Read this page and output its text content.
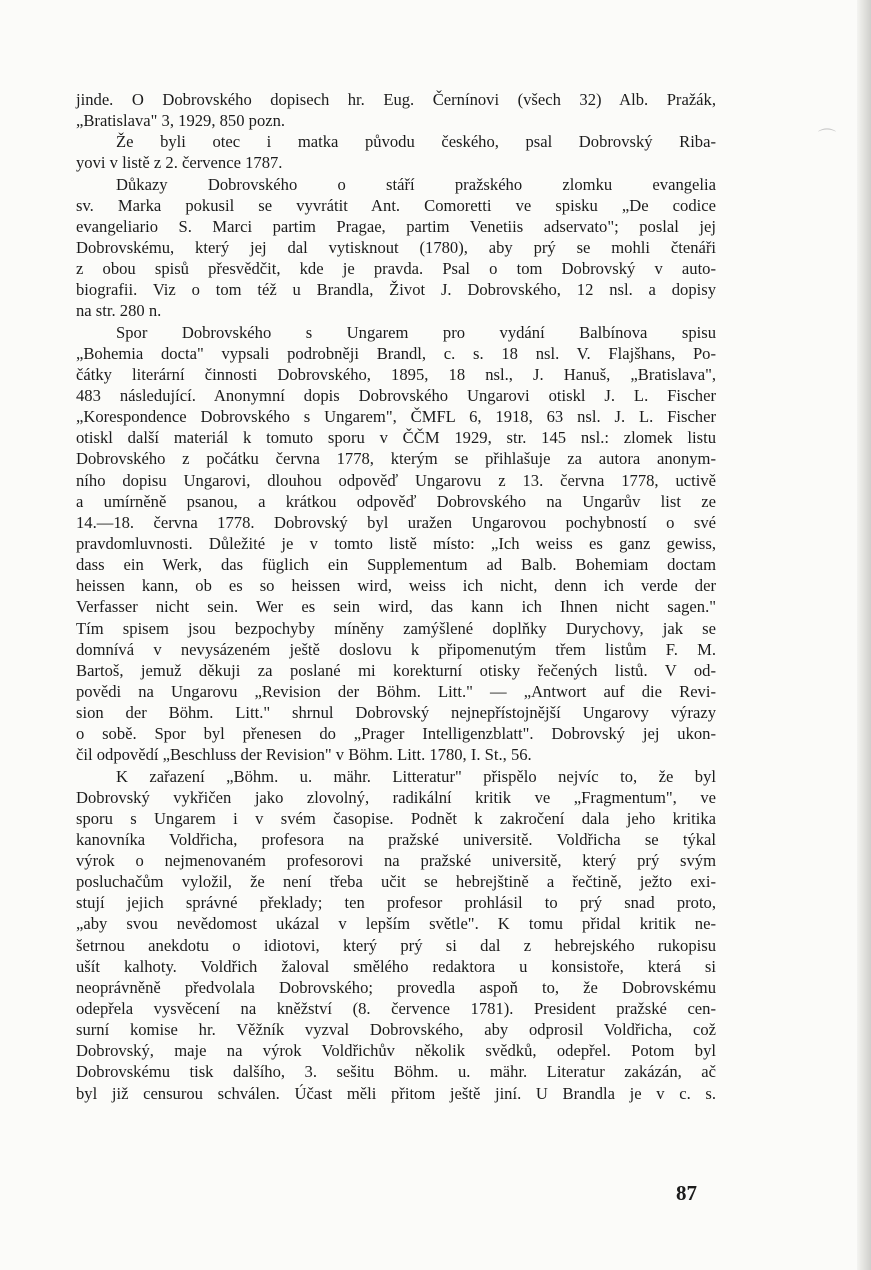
⌒
jinde. O Dobrovského dopisech hr. Eug. Černínovi (všech 32) Alb. Pražák,
„Bratislava" 3, 1929, 850 pozn.
Že byli otec i matka původu českého, psal Dobrovský Ribа-
yovi v listě z 2. července 1787.
Důkazy Dobrovského o stáří pražského zlomku evangelia
sv. Marka pokusil se vyvrátit Ant. Comoretti ve spisku „De codice
evangeliario S. Marci partim Pragae, partim Venetiis adservato"; poslal jej
Dobrovskému, který jej dal vytisknout (1780), aby prý se mohli čtenáři
z obou spisů přesvědčit, kde je pravda. Psal o tom Dobrovský v auto-
biografii. Viz o tom též u Brandla, Život J. Dobrovského, 12 nsl. a dopisy
na str. 280 n.
Spor Dobrovského s Ungarem pro vydání Balbínova spisu
„Bohemia docta" vypsali podrobněji Brandl, c. s. 18 nsl. V. Flajšhans, Po-
čátky literární činnosti Dobrovského, 1895, 18 nsl., J. Hanuš, „Bratislava",
483 následující. Anonymní dopis Dobrovského Ungarovi otiskl J. L. Fischer
„Korespondence Dobrovského s Ungarem", ČMFL 6, 1918, 63 nsl. J. L. Fischer
otiskl další materiál k tomuto sporu v ČČM 1929, str. 145 nsl.: zlomek listu
Dobrovského z počátku června 1778, kterým se přihlašuje za autora anonym-
ního dopisu Ungarovi, dlouhou odpověď Ungarovu z 13. června 1778, uctivě
a umírněně psanou, a krátkou odpověď Dobrovského na Ungarův list ze
14.—18. června 1778. Dobrovský byl uražen Ungarovou pochybností o své
pravdomluvnosti. Důležité je v tomto listě místo: „Ich weiss es ganz gewiss,
dass ein Werk, das füglich ein Supplementum ad Balb. Bohemiam doctam
heissen kann, ob es so heissen wird, weiss ich nicht, denn ich verde der
Verfasser nicht sein. Wer es sein wird, das kann ich Ihnen nicht sagen."
Tím spisem jsou bezpochyby míněny zamýšlené doplňky Durychovy, jak se
domnívá v nevysázeném ještě doslovu k připomenutým třem listům F. M.
Bartoš, jemuž děkuji za poslané mi korekturní otisky řečených listů. V od-
povědi na Ungarovu „Revision der Böhm. Litt." — „Antwort auf die Revi-
sion der Böhm. Litt." shrnul Dobrovský nejnepřístojnější Ungarovy výrazy
o sobě. Spor byl přenesen do „Prager Intelligenzblatt". Dobrovský jej ukon-
čil odpovědí „Beschluss der Revision" v Böhm. Litt. 1780, I. St., 56.
K zařazení „Böhm. u. mähr. Litteratur" přispělo nejvíc to, že byl
Dobrovský vykřičen jako zlovolný, radikální kritik ve „Fragmentum", ve
sporu s Ungarem i v svém časopise. Podnět k zakročení dala jeho kritika
kanovníka Voldřicha, profesora na pražské universitě. Voldřicha se týkal
výrok o nejmenovaném profesorovi na pražské universitě, který prý svým
posluchačům vyložil, že není třeba učit se hebrejštině a řečtině, ježto exi-
stují jejich správné překlady; ten profesor prohlásil to prý snad proto,
„aby svou nevědomost ukázal v lepším světle". K tomu přidal kritik ne-
šetrnou anekdotu o idiotovi, který prý si dal z hebrejského rukopisu
ušít kalhoty. Voldřich žaloval smělého redaktora u konsistoře, která si
neoprávněně předvolala Dobrovského; provedla aspoň to, že Dobrovskému
odepřela vysvěcení na kněžství (8. července 1781). President pražské cen-
surní komise hr. Věžník vyzval Dobrovského, aby odprosil Voldřicha, což
Dobrovský, maje na výrok Voldřichův několik svědků, odepřel. Potom byl
Dobrovskému tisk dalšího, 3. sešitu Böhm. u. mähr. Literatur zakázán, ač
byl již censurou schválen. Účast měli přitom ještě jiní. U Brandla je v c. s.
87
